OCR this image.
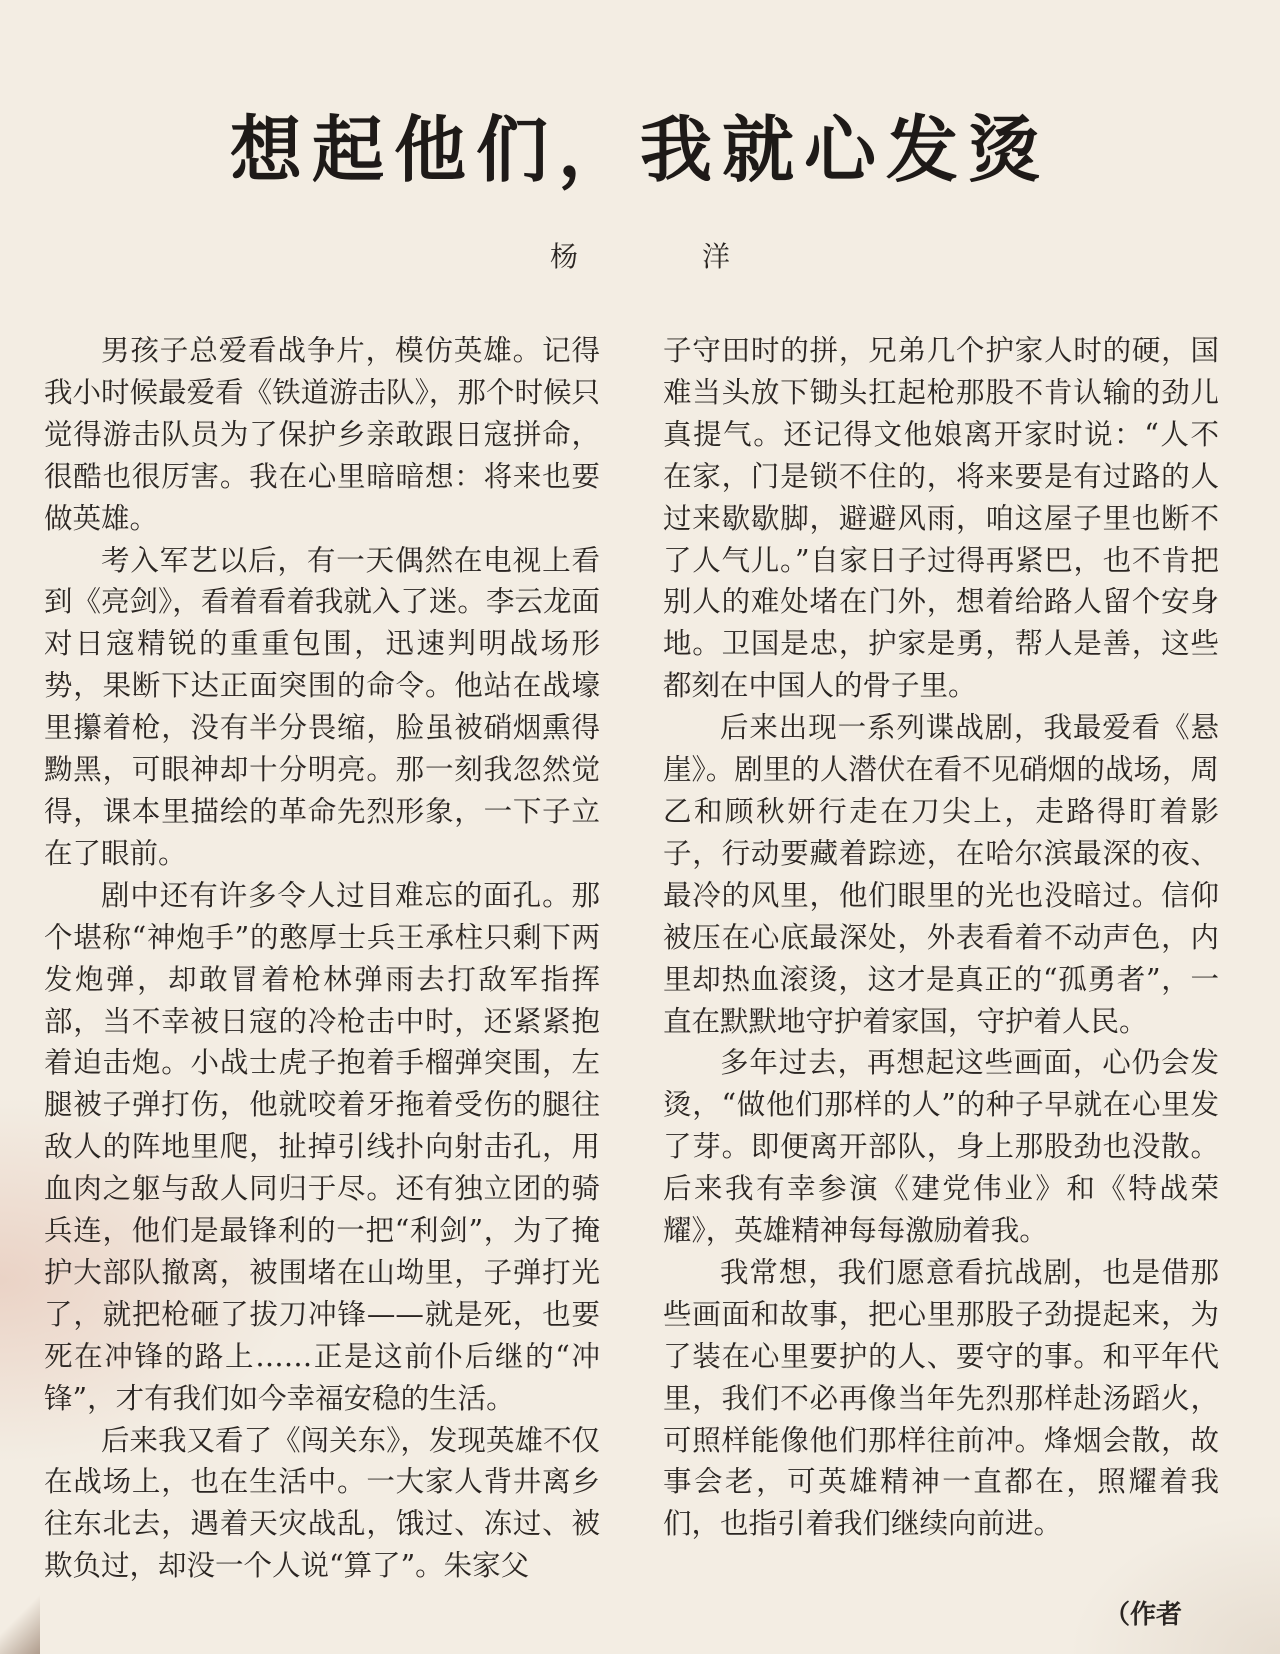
想起他们，我就心发烫
杨　洋

男孩子总爱看战争片，模仿英雄。记得我小时候最爱看《铁道游击队》，那个时候只觉得游击队员为了保护乡亲敢跟日寇拼命，很酷也很厉害。我在心里暗暗想：将来也要做英雄。

考入军艺以后，有一天偶然在电视上看到《亮剑》，看着看着我就入了迷。李云龙面对日寇精锐的重重包围，迅速判明战场形势，果断下达正面突围的命令。他站在战壕里攥着枪，没有半分畏缩，脸虽被硝烟熏得黝黑，可眼神却十分明亮。那一刻我忽然觉得，课本里描绘的革命先烈形象，一下子立在了眼前。

剧中还有许多令人过目难忘的面孔。那个堪称“神炮手”的憨厚士兵王承柱只剩下两发炮弹，却敢冒着枪林弹雨去打敌军指挥部，当不幸被日寇的冷枪击中时，还紧紧抱着迫击炮。小战士虎子抱着手榴弹突围，左腿被子弹打伤，他就咬着牙拖着受伤的腿往敌人的阵地里爬，扯掉引线扑向射击孔，用血肉之躯与敌人同归于尽。还有独立团的骑兵连，他们是最锋利的一把“利剑”，为了掩护大部队撤离，被围堵在山坳里，子弹打光了，就把枪砸了拔刀冲锋——就是死，也要死在冲锋的路上……正是这前仆后继的“冲锋”，才有我们如今幸福安稳的生活。

后来我又看了《闯关东》，发现英雄不仅在战场上，也在生活中。一大家人背井离乡往东北去，遇着天灾战乱，饿过、冻过、被欺负过，却没一个人说“算了”。朱家父

子守田时的拼，兄弟几个护家人时的硬，国难当头放下锄头扛起枪那股不肯认输的劲儿真提气。还记得文他娘离开家时说：“人不在家，门是锁不住的，将来要是有过路的人过来歇歇脚，避避风雨，咱这屋子里也断不了人气儿。”自家日子过得再紧巴，也不肯把别人的难处堵在门外，想着给路人留个安身地。卫国是忠，护家是勇，帮人是善，这些都刻在中国人的骨子里。

后来出现一系列谍战剧，我最爱看《悬崖》。剧里的人潜伏在看不见硝烟的战场，周乙和顾秋妍行走在刀尖上，走路得盯着影子，行动要藏着踪迹，在哈尔滨最深的夜、最冷的风里，他们眼里的光也没暗过。信仰被压在心底最深处，外表看着不动声色，内里却热血滚烫，这才是真正的“孤勇者”，一直在默默地守护着家国，守护着人民。

多年过去，再想起这些画面，心仍会发烫，“做他们那样的人”的种子早就在心里发了芽。即便离开部队，身上那股劲也没散。后来我有幸参演《建党伟业》和《特战荣耀》，英雄精神每每激励着我。

我常想，我们愿意看抗战剧，也是借那些画面和故事，把心里那股子劲提起来，为了装在心里要护的人、要守的事。和平年代里，我们不必再像当年先烈那样赴汤蹈火，可照样能像他们那样往前冲。烽烟会散，故事会老，可英雄精神一直都在，照耀着我们，也指引着我们继续向前进。

（作者
